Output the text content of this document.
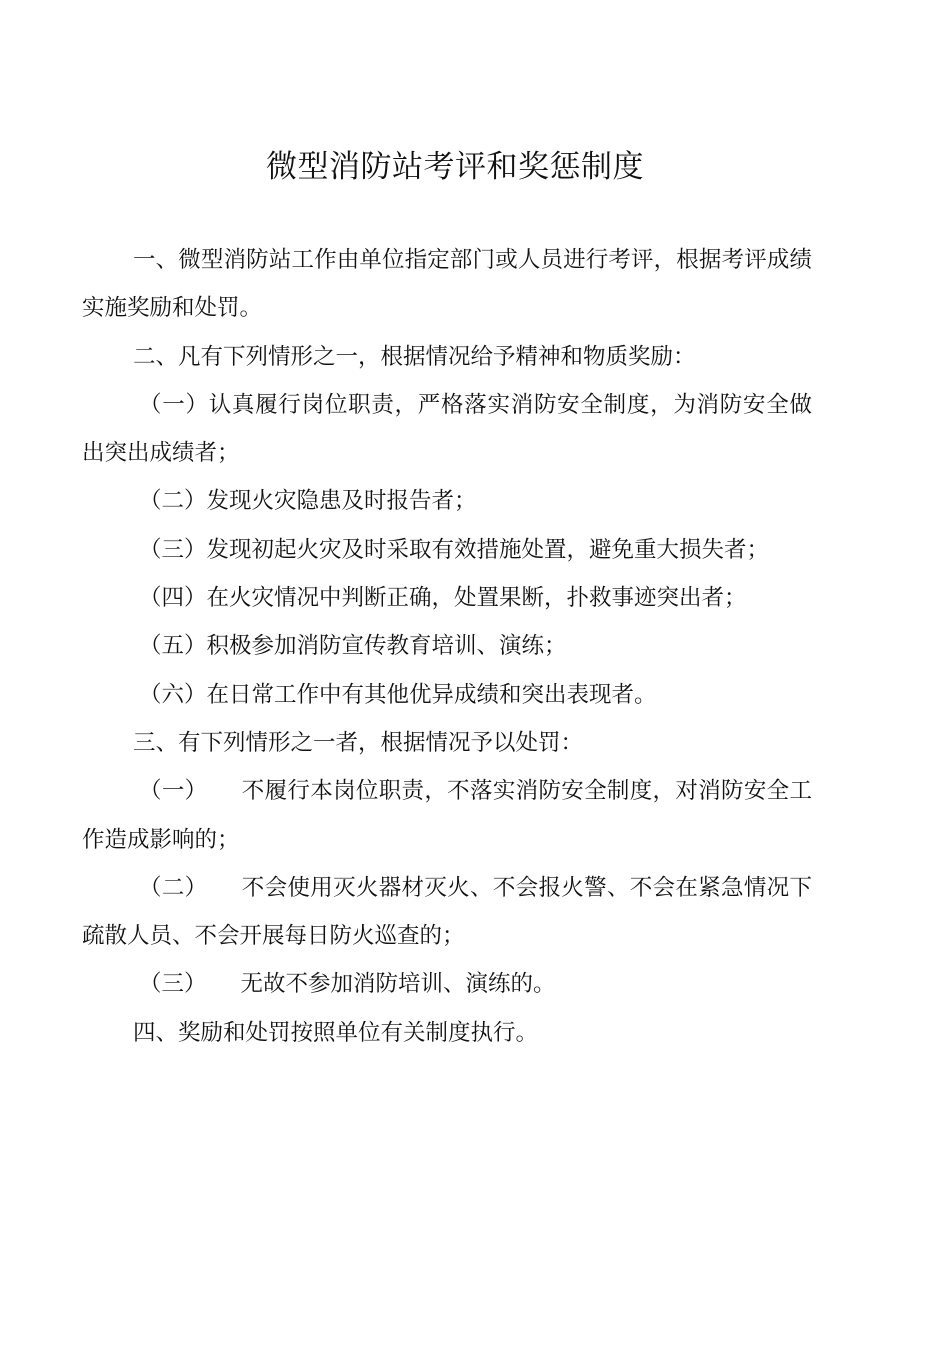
微型消防站考评和奖惩制度

一、微型消防站工作由单位指定部门或人员进行考评，根据考评成绩实施奖励和处罚。

二、凡有下列情形之一，根据情况给予精神和物质奖励：

（一）认真履行岗位职责，严格落实消防安全制度，为消防安全做出突出成绩者；

（二）发现火灾隐患及时报告者；

（三）发现初起火灾及时采取有效措施处置，避免重大损失者；

（四）在火灾情况中判断正确，处置果断，扑救事迹突出者；

（五）积极参加消防宣传教育培训、演练；

（六）在日常工作中有其他优异成绩和突出表现者。

三、有下列情形之一者，根据情况予以处罚：

（一） 不履行本岗位职责，不落实消防安全制度，对消防安全工作造成影响的；

（二） 不会使用灭火器材灭火、不会报火警、不会在紧急情况下疏散人员、不会开展每日防火巡查的；

（三） 无故不参加消防培训、演练的。

四、奖励和处罚按照单位有关制度执行。
